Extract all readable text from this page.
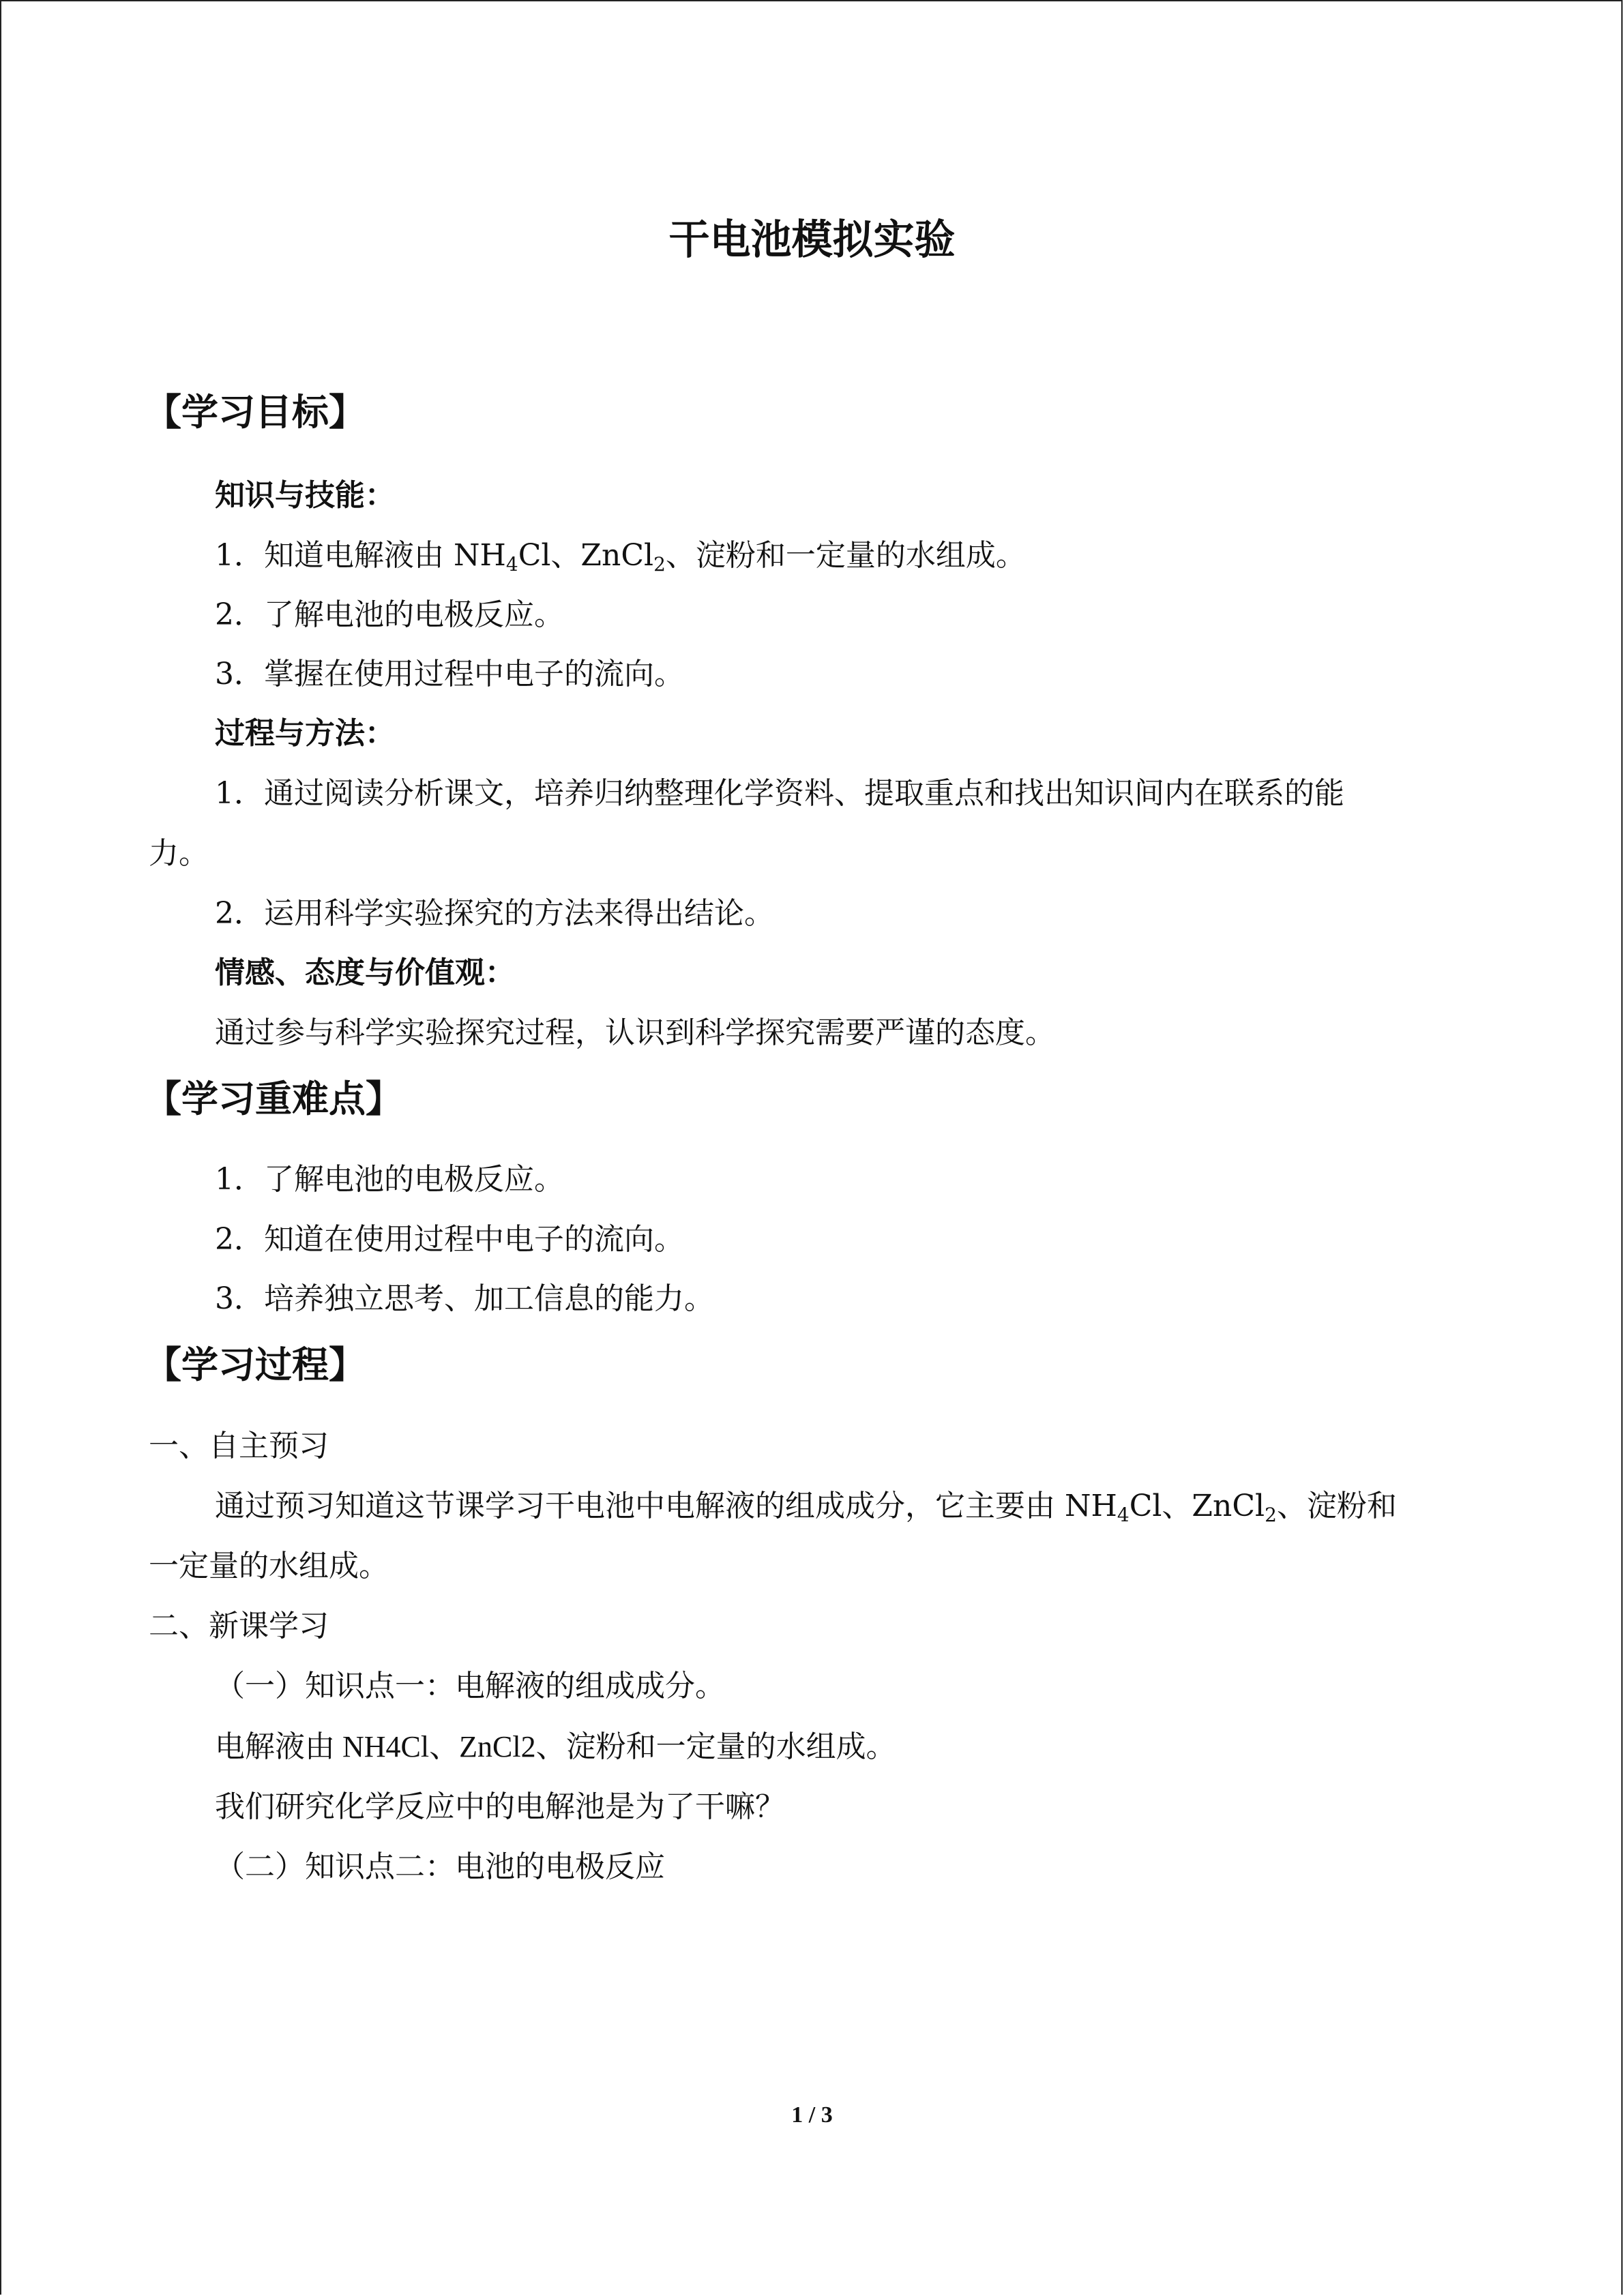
干电池模拟实验
【学习目标】
知识与技能：
1．知道电解液由 $NH_4Cl$、ZnCl$_2$、淀粉和一定量的水组成。
2．了解电池的电极反应。
3．掌握在使用过程中电子的流向。
过程与方法：
1．通过阅读分析课文，培养归纳整理化学资料、提取重点和找出知识间内在联系的能
力。
2．运用科学实验探究的方法来得出结论。
情感、态度与价值观：
通过参与科学实验探究过程，认识到科学探究需要严谨的态度。
【学习重难点】
1．了解电池的电极反应。
2．知道在使用过程中电子的流向。
3．培养独立思考、加工信息的能力。
【学习过程】
一、自主预习
通过预习知道这节课学习干电池中电解液的组成成分，它主要由 $NH_4Cl$、ZnCl$_2$、淀粉和
一定量的水组成。
二、新课学习
（一）知识点一：电解液的组成成分。
电解液由 NH4Cl、ZnCl2、淀粉和一定量的水组成。
我们研究化学反应中的电解池是为了干嘛？
（二）知识点二：电池的电极反应
1 / 3
